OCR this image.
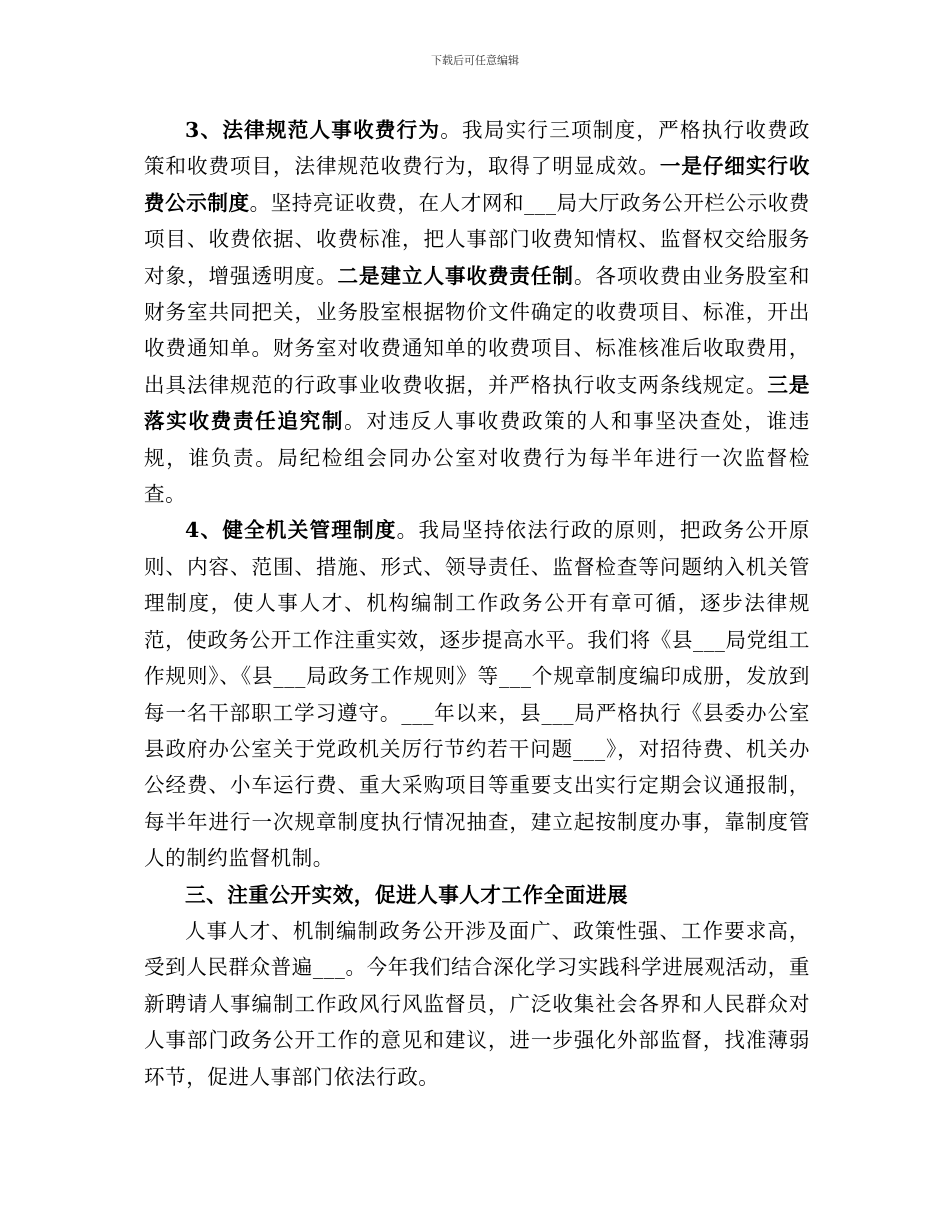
下载后可任意编辑

3、法律规范人事收费行为。我局实行三项制度，严格执行收费政策和收费项目，法律规范收费行为，取得了明显成效。一是仔细实行收费公示制度。坚持亮证收费，在人才网和___局大厅政务公开栏公示收费项目、收费依据、收费标准，把人事部门收费知情权、监督权交给服务对象，增强透明度。二是建立人事收费责任制。各项收费由业务股室和财务室共同把关，业务股室根据物价文件确定的收费项目、标准，开出收费通知单。财务室对收费通知单的收费项目、标准核准后收取费用，出具法律规范的行政事业收费收据，并严格执行收支两条线规定。三是落实收费责任追究制。对违反人事收费政策的人和事坚决查处，谁违规，谁负责。局纪检组会同办公室对收费行为每半年进行一次监督检查。

4、健全机关管理制度。我局坚持依法行政的原则，把政务公开原则、内容、范围、措施、形式、领导责任、监督检查等问题纳入机关管理制度，使人事人才、机构编制工作政务公开有章可循，逐步法律规范，使政务公开工作注重实效，逐步提高水平。我们将《县___局党组工作规则》、《县___局政务工作规则》等___个规章制度编印成册，发放到每一名干部职工学习遵守。___年以来，县___局严格执行《县委办公室县政府办公室关于党政机关厉行节约若干问题___》，对招待费、机关办公经费、小车运行费、重大采购项目等重要支出实行定期会议通报制，每半年进行一次规章制度执行情况抽查，建立起按制度办事，靠制度管人的制约监督机制。

三、注重公开实效，促进人事人才工作全面进展

人事人才、机制编制政务公开涉及面广、政策性强、工作要求高，受到人民群众普遍___。今年我们结合深化学习实践科学进展观活动，重新聘请人事编制工作政风行风监督员，广泛收集社会各界和人民群众对人事部门政务公开工作的意见和建议，进一步强化外部监督，找准薄弱环节，促进人事部门依法行政。
